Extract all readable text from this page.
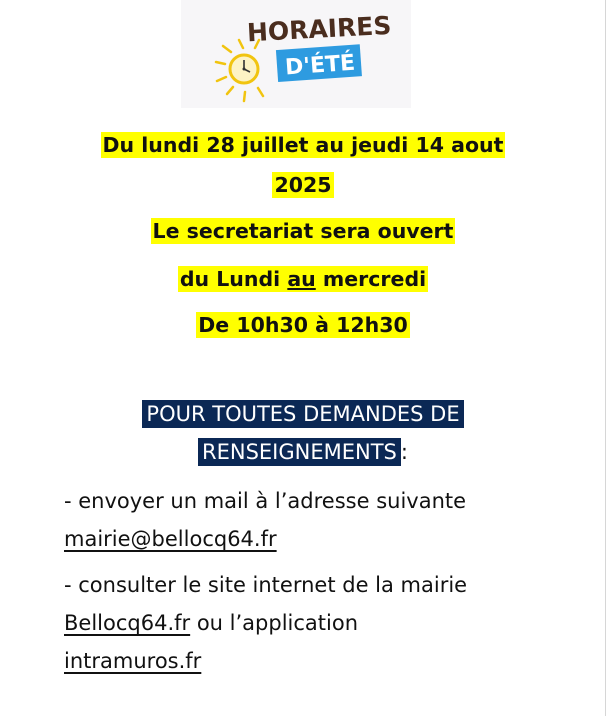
HORAIRES
D'ÉTÉ
Du lundi 28 juillet au jeudi 14 aout
2025
Le secretariat sera ouvert
du Lundi au mercredi
De 10h30 à 12h30
POUR TOUTES DEMANDES DE
RENSEIGNEMENTS :
- envoyer un mail à l’adresse suivante
mairie@bellocq64.fr
- consulter le site internet de la mairie
Bellocq64.fr ou l’application
intramuros.fr
